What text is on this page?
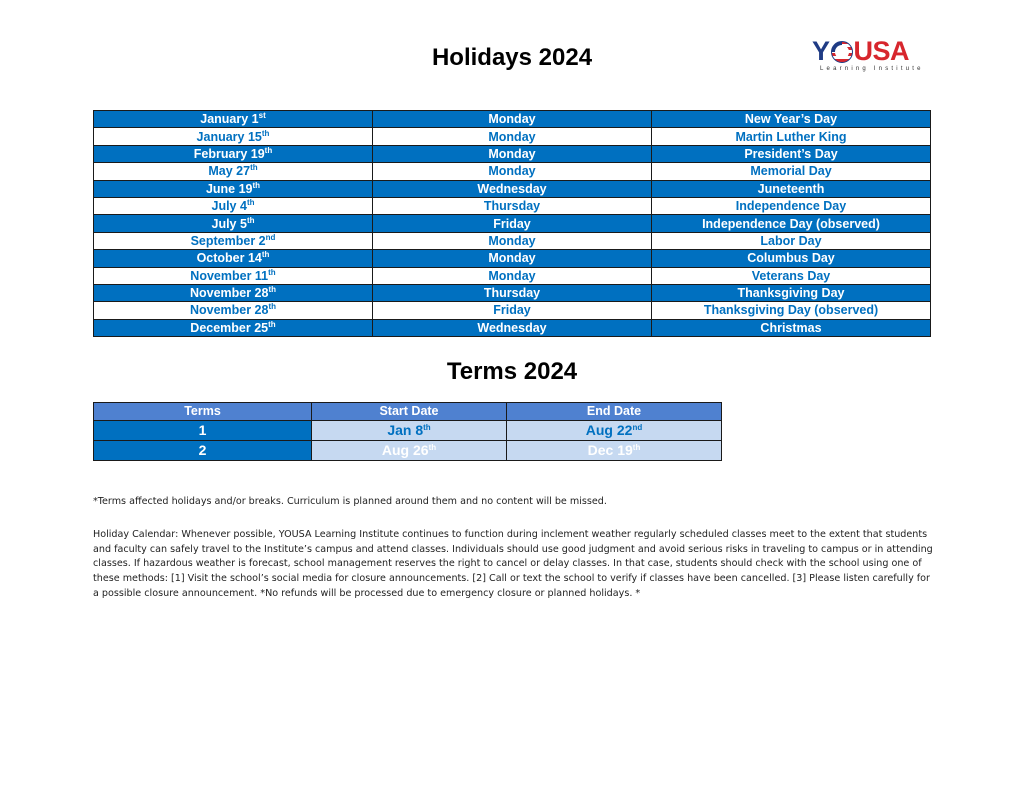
Holidays 2024	Y USA
Learning Institute
January 1st	Monday	New Year’s Day
January 15th	Monday	Martin Luther King
February 19th	Monday	President’s Day
May 27th	Monday	Memorial Day
June 19th	Wednesday	Juneteenth
July 4th	Thursday	Independence Day
July 5th	Friday	Independence Day (observed)
September 2nd	Monday	Labor Day
October 14th	Monday	Columbus Day
November 11th	Monday	Veterans Day
November 28th	Thursday	Thanksgiving Day
November 28th	Friday	Thanksgiving Day (observed)
December 25th	Wednesday	Christmas
Terms 2024
Terms	Start Date	End Date
1	Jan 8th	Aug 22nd
2	Aug 26th	Dec 19th
*Terms affected holidays and/or breaks. Curriculum is planned around them and no content will be missed.
Holiday Calendar: Whenever possible, YOUSA Learning Institute continues to function during inclement weather regularly scheduled classes meet to the extent that students and faculty can safely travel to the Institute’s campus and attend classes. Individuals should use good judgment and avoid serious risks in traveling to campus or in attending classes. If hazardous weather is forecast, school management reserves the right to cancel or delay classes. In that case, students should check with the school using one of these methods: [1] Visit the school’s social media for closure announcements. [2] Call or text the school to verify if classes have been cancelled. [3] Please listen carefully for a possible closure announcement. *No refunds will be processed due to emergency closure or planned holidays. *
